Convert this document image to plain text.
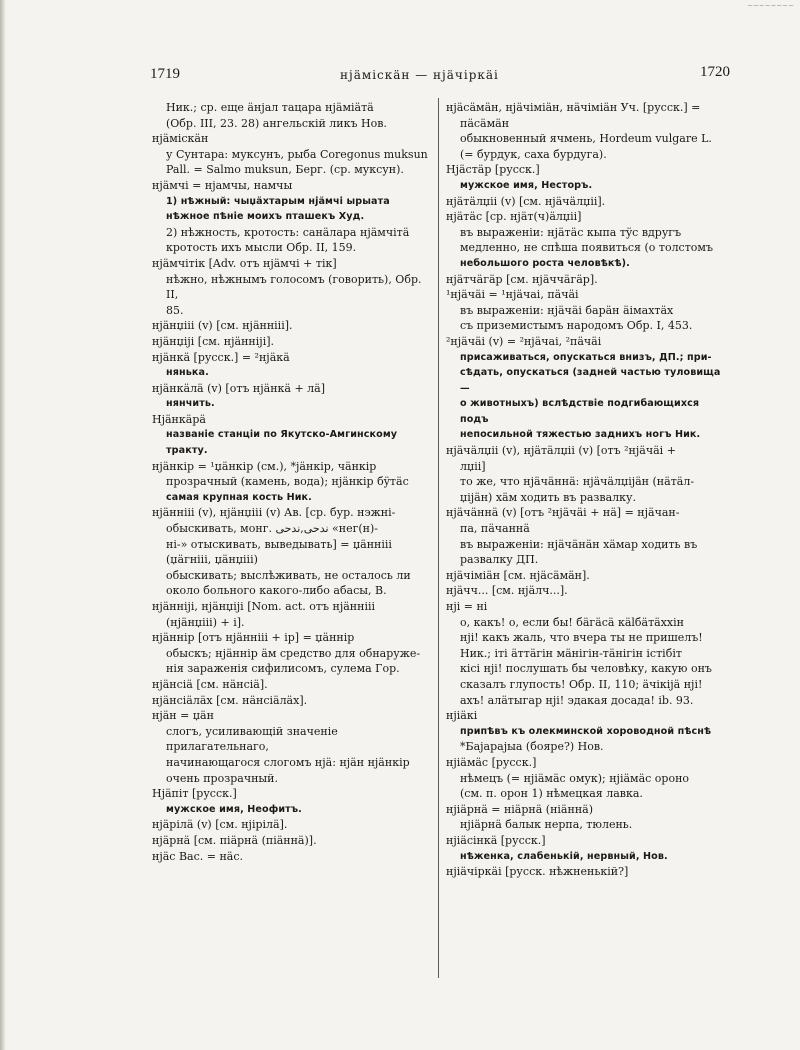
~~~~~~~~
1719	нјäмiскäн — нјäчiркäi	1720
Ник.; ср. еще äнјал тацара нјäмiäтä
(Обр. III, 23. 28) ангельскiй ликъ Нов.
нјäмiскäн
у Сунтара: мукcунъ, рыба Coregonus muksun
Pall. = Salmo muksun, Берг. (ср. муксун).
нјäмчi = нјамчы, намчы
1) нѣжный: чыџäхтарым нјäмчi ырыата
нѣжное пѣнiе моихъ пташекъ Худ.
2) нѣжность, кротость: санäлара нјäмчiтä
кротость ихъ мысли Обр. II, 159.
нјäмчiтiк [Adv. отъ нјäмчi + тiк]
нѣжно, нѣжнымъ голосомъ (говорить), Обр. II,
85.
нјäнџiii (v) [см. нјäннiii].
нјäнџiјi [см. нјäннiјi].
нјäнкä [русск.] = ²нјäкä
нянька.
нјäнкäлä (v) [отъ нјäнкä + лä]
нянчить.
Нјäнкäрä
названiе станцiи по Якутско-Амгинскому
тракту.
нјäнкiр = ¹џäнкiр (см.), *јäнкiр, чäнкiр
прозрачный (камень, вода); нјäнкiр бÿтäс
самая крупная кость Ник.
нјäннiii (v), нјäнџiii (v) Ав. [ср. бур. нэжнi-
обыскивать, монг. ندحى,ندحى «нег(н)-
нi-» отыскивать, выведывать] = џäннiii
(џäгнiii, џäнџiii)
обыскивать; выслѣживать, не осталось ли
около больного какого-либо абасы, В.
нјäннiјi, нјäнџiјi [Nom. act. отъ нјäннiii
(нјäнџiii) + i].
нјäннiр [отъ нјäннiii + iр] = џäннiр
обыскъ; нјäннiр äм средство для обнаруже-
нiя зараженiя сифилисомъ, сулема Гор.
нјäнсiä [см. нäнсiä].
нјäнсiäлäх [см. нäнсiäлäх].
нјäн = џäн
слогъ, усиливающiй значенiе прилагательнаго,
начинающагося слогомъ нјä: нјäн нјäнкiр
очень прозрачный.
Нјäпiт [русск.]
мужское имя, Неофитъ.
нјäрiлä (v) [см. нјiрiлä].
нјäрнä [см. пiäрнä (пiäннä)].
нјäс Вас. = нäс.
нјäсäмäн, нјäчiмiäн, нäчiмiäн Уч. [русск.] =
пäсäмäн
обыкновенный ячмень, Hordeum vulgare L.
(= бурдук, саха бурдуга).
Нјäстäр [русск.]
мужское имя, Несторъ.
нјäтäлџii (v) [см. нјäчäлџii].
нјäтäс [ср. нјäт(ч)äлџii]
въ выраженiи: нјäтäс кыпа тÿс вдругъ
медленно, не спѣша появиться (о толстомъ
небольшого роста человѣкѣ).
нјäтчäгäр [см. нјäччäгäр].
¹нјäчäi = ¹нјäчаi, пäчäi
въ выраженiи: нјäчäi барäн äiмахтäх
съ приземистымъ народомъ Обр. I, 453.
²нјäчäi (v) = ²нјäчаi, ²пäчäi
присаживаться, опускаться внизъ, ДП.; при-
сѣдать, опускаться (задней частью туловища —
о животныхъ) вслѣдствiе подгибающихся подъ
непосильной тяжестью заднихъ ногъ Ник.
нјäчäлџii (v), нјäтäлџii (v) [отъ ²нјäчäi +
лџii]
то же, что нјäчäннä: нјäчäлџiјäн (нäтäл-
џiјäн) хäм ходить въ развалку.
нјäчäннä (v) [отъ ²нјäчäi + нä] = нјäчан-
па, пäчаннä
въ выраженiи: нјäчäнäн хäмар ходить въ
развалку ДП.
нјäчiмiäн [см. нјäсäмäн].
нјäчч... [см. нјäлч...].
нјi = нi
о, какъ! о, если бы! бäгäсä кälбäтäххiн
нјi! какъ жаль, что вчера ты не пришелъ!
Ник.; iтi äттäгiн мäнiгiн-тäнiгiн iстiбiт
кiсi нјi! послушать бы человѣку, какую онъ
сказалъ глупость! Обр. II, 110; äчiкiјä нјi!
ахъ! алäтыгар нјi! эдакая досада! ib. 93.
нјiäкi
припѣвъ къ олекминской хороводной пѣснѣ
*Бајарајыа (бояре?) Нов.
нјiäмäс [русск.]
нѣмецъ (= нјiäмäс омук); нјiäмäс оронo
(см. п. орон 1) нѣмецкая лавка.
нјiäрнä = нiäрнä (нiäннä)
нјiäрнä балык нерпа, тюлень.
нјiäсiнкä [русск.]
нѣженка, слабенькiй, нервный, Нов.
нјiäчiркäi [русск. нѣжненькiй?]
